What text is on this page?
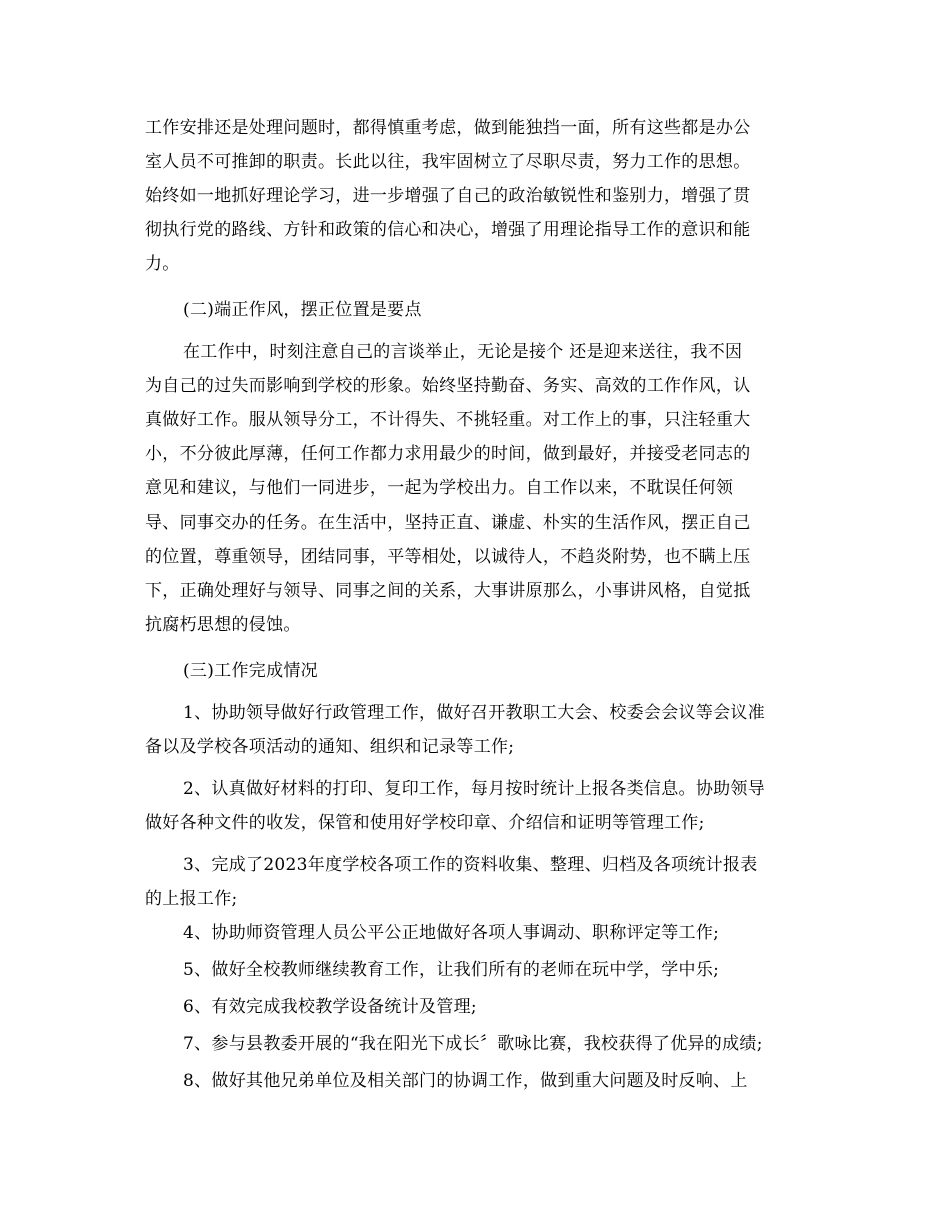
工作安排还是处理问题时，都得慎重考虑，做到能独挡一面，所有这些都是办公
室人员不可推卸的职责。长此以往，我牢固树立了尽职尽责，努力工作的思想。
始终如一地抓好理论学习，进一步增强了自己的政治敏锐性和鉴别力，增强了贯
彻执行党的路线、方针和政策的信心和决心，增强了用理论指导工作的意识和能
力。
(二)端正作风，摆正位置是要点
在工作中，时刻注意自己的言谈举止，无论是接个 还是迎来送往，我不因
为自己的过失而影响到学校的形象。始终坚持勤奋、务实、高效的工作作风，认
真做好工作。服从领导分工，不计得失、不挑轻重。对工作上的事，只注轻重大
小，不分彼此厚薄，任何工作都力求用最少的时间，做到最好，并接受老同志的
意见和建议，与他们一同进步，一起为学校出力。自工作以来，不耽误任何领
导、同事交办的任务。在生活中，坚持正直、谦虚、朴实的生活作风，摆正自己
的位置，尊重领导，团结同事，平等相处，以诚待人，不趋炎附势，也不瞒上压
下，正确处理好与领导、同事之间的关系，大事讲原那么，小事讲风格，自觉抵
抗腐朽思想的侵蚀。
(三)工作完成情况
1、协助领导做好行政管理工作，做好召开教职工大会、校委会会议等会议准
备以及学校各项活动的通知、组织和记录等工作;
2、认真做好材料的打印、复印工作，每月按时统计上报各类信息。协助领导
做好各种文件的收发，保管和使用好学校印章、介绍信和证明等管理工作;
3、完成了2023年度学校各项工作的资料收集、整理、归档及各项统计报表
的上报工作;
4、协助师资管理人员公平公正地做好各项人事调动、职称评定等工作;
5、做好全校教师继续教育工作，让我们所有的老师在玩中学，学中乐;
6、有效完成我校教学设备统计及管理;
7、参与县教委开展的“我在阳光下成长〞歌咏比赛，我校获得了优异的成绩;
8、做好其他兄弟单位及相关部门的协调工作，做到重大问题及时反响、上
